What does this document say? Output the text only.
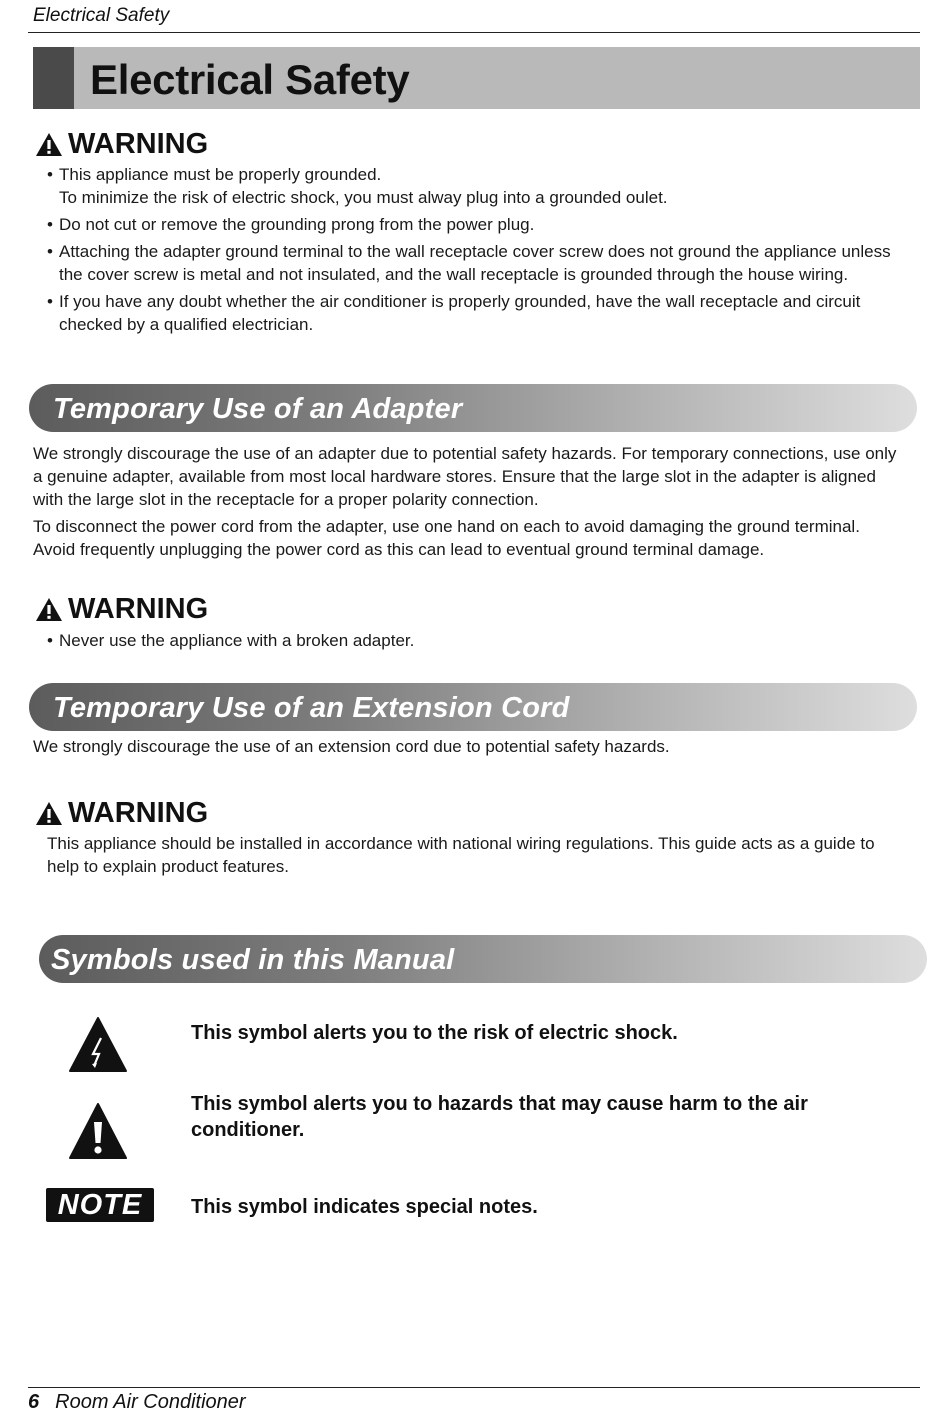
Electrical Safety
Electrical Safety
WARNING
• This appliance must be properly grounded.
To minimize the risk of electric shock, you must alway plug into a grounded oulet.
• Do not cut or remove the grounding prong from the power plug.
• Attaching the adapter ground terminal to the wall receptacle cover screw does not ground the appliance unless the cover screw is metal and not insulated, and the wall receptacle is grounded through the house wiring.
• If you have any doubt whether the air conditioner is properly grounded, have the wall receptacle and circuit checked by a qualified electrician.
Temporary Use of an Adapter
We strongly discourage the use of an adapter due to potential safety hazards. For temporary connections, use only a genuine adapter, available from most local hardware stores. Ensure that the large slot in the adapter is aligned with the large slot in the receptacle for a proper polarity connection.
To disconnect the power cord from the adapter, use one hand on each to avoid damaging the ground terminal. Avoid frequently unplugging the power cord as this can lead to eventual ground terminal damage.
WARNING
• Never use the appliance with a broken adapter.
Temporary Use of an Extension Cord
We strongly discourage the use of an extension cord due to potential safety hazards.
WARNING
This appliance should be installed in accordance with national wiring regulations. This guide acts as a guide to help to explain product features.
Symbols used in this Manual
This symbol alerts you to the risk of electric shock.
This symbol alerts you to hazards that may cause harm to the air conditioner.
NOTE This symbol indicates special notes.
6 Room Air Conditioner
